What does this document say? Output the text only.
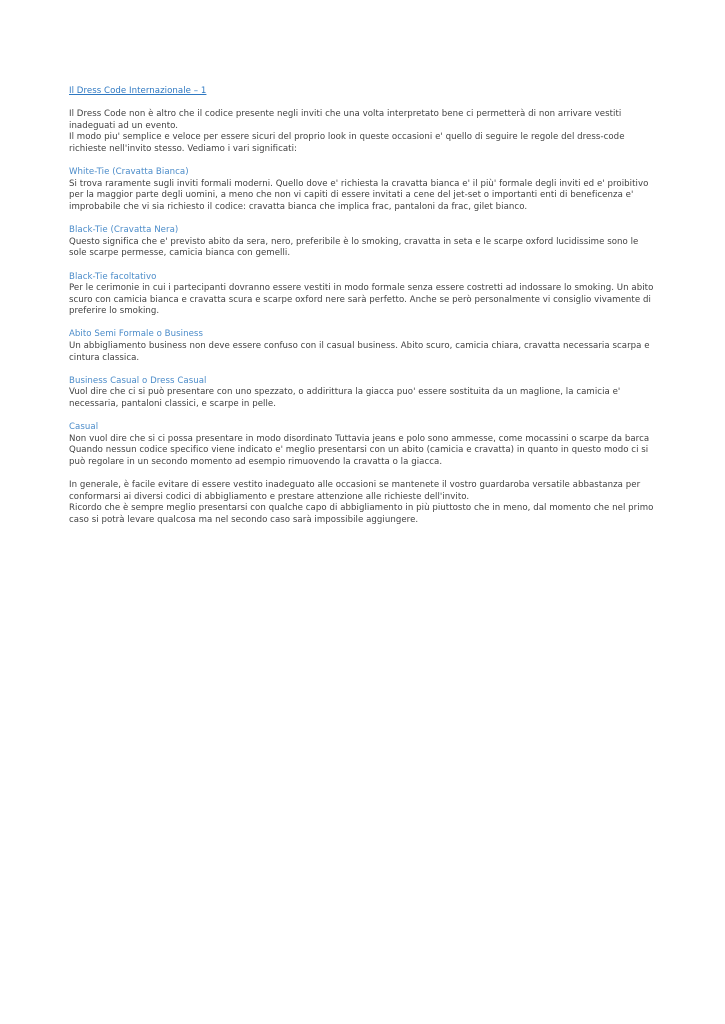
Il Dress Code Internazionale – 1

Il Dress Code non è altro che il codice presente negli inviti che una volta interpretato bene ci permetterà di non arrivare vestiti inadeguati ad un evento.

Il modo piu' semplice e veloce per essere sicuri del proprio look in queste occasioni e' quello di seguire le regole del dress-code richieste nell'invito stesso. Vediamo i vari significati:

White-Tie (Cravatta Bianca)

Si trova raramente sugli inviti formali moderni. Quello dove e' richiesta la cravatta bianca e' il più' formale degli inviti ed e' proibitivo per la maggior parte degli uomini, a meno che non vi capiti di essere invitati a cene del jet-set o importanti enti di beneficenza e' improbabile che vi sia richiesto il codice: cravatta bianca che implica frac, pantaloni da frac, gilet bianco.

Black-Tie (Cravatta Nera)

Questo significa che e' previsto abito da sera, nero, preferibile è lo smoking, cravatta in seta e le scarpe oxford lucidissime sono le sole scarpe permesse, camicia bianca con gemelli.

Black-Tie facoltativo

Per le cerimonie in cui i partecipanti dovranno essere vestiti in modo formale senza essere costretti ad indossare lo smoking. Un abito scuro con camicia bianca e cravatta scura e scarpe oxford nere sarà perfetto. Anche se però personalmente vi consiglio vivamente di preferire lo smoking.

Abito Semi Formale o Business

Un abbigliamento business non deve essere confuso con il casual business. Abito scuro, camicia chiara, cravatta necessaria scarpa e cintura classica.

Business Casual o Dress Casual

Vuol dire che ci si può presentare con uno spezzato, o addirittura la giacca puo' essere sostituita da un maglione, la camicia e' necessaria, pantaloni classici, e scarpe in pelle.

Casual

Non vuol dire che si ci possa presentare in modo disordinato Tuttavia jeans e polo sono ammesse, come mocassini o scarpe da barca Quando nessun codice specifico viene indicato e' meglio presentarsi con un abito (camicia e cravatta) in quanto in questo modo ci si può regolare in un secondo momento ad esempio rimuovendo la cravatta o la giacca.

In generale, è facile evitare di essere vestito inadeguato alle occasioni se mantenete il vostro guardaroba versatile abbastanza per conformarsi ai diversi codici di abbigliamento e prestare attenzione alle richieste dell'invito.

Ricordo che è sempre meglio presentarsi con qualche capo di abbigliamento in più piuttosto che in meno, dal momento che nel primo caso si potrà levare qualcosa ma nel secondo caso sarà impossibile aggiungere.
